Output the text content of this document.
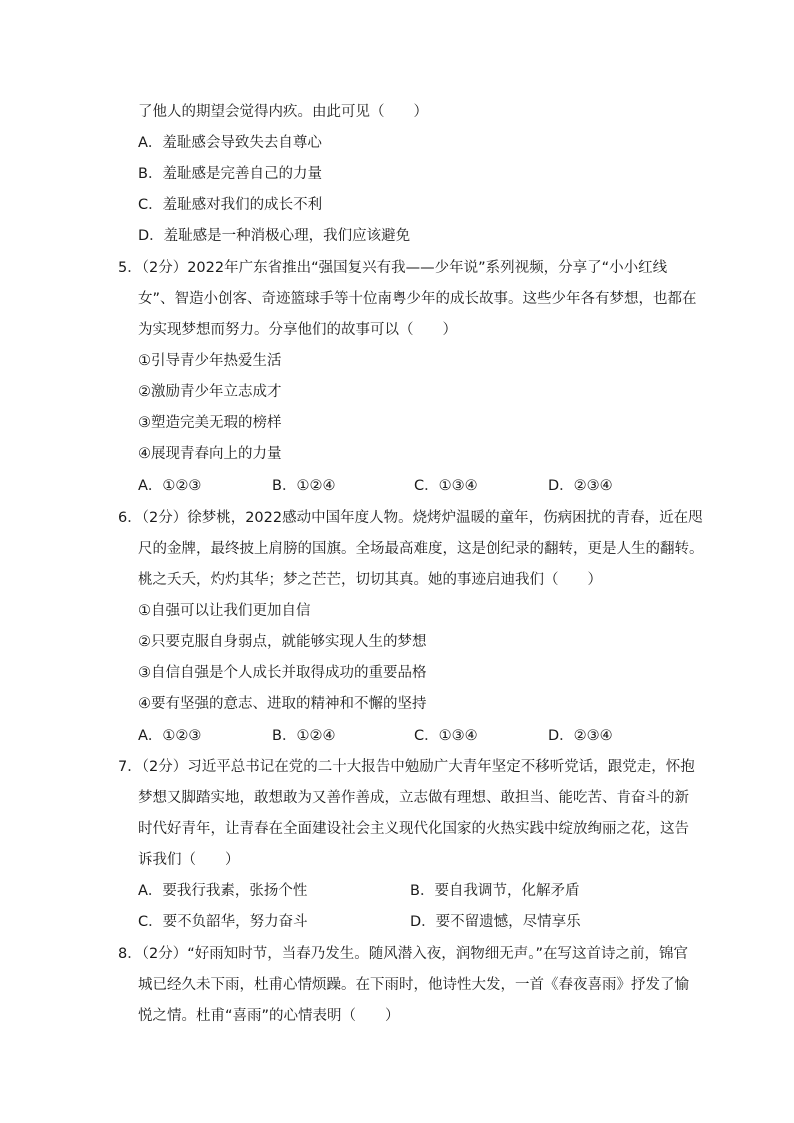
了他人的期望会觉得内疚。由此可见（　　）
A．羞耻感会导致失去自尊心
B．羞耻感是完善自己的力量
C．羞耻感对我们的成长不利
D．羞耻感是一种消极心理，我们应该避免
5．（2分）2022年广东省推出“强国复兴有我——少年说”系列视频，分享了“小小红线
女”、智造小创客、奇迹篮球手等十位南粤少年的成长故事。这些少年各有梦想，也都在
为实现梦想而努力。分享他们的故事可以（　　）
①引导青少年热爱生活
②激励青少年立志成才
③塑造完美无瑕的榜样
④展现青春向上的力量
A．①②③	B．①②④	C．①③④	D．②③④
6．（2分）徐梦桃，2022感动中国年度人物。烧烤炉温暖的童年，伤病困扰的青春，近在咫
尺的金牌，最终披上肩膀的国旗。全场最高难度，这是创纪录的翻转，更是人生的翻转。
桃之夭夭，灼灼其华；梦之芒芒，切切其真。她的事迹启迪我们（　　）
①自强可以让我们更加自信
②只要克服自身弱点，就能够实现人生的梦想
③自信自强是个人成长并取得成功的重要品格
④要有坚强的意志、进取的精神和不懈的坚持
A．①②③	B．①②④	C．①③④	D．②③④
7．（2分）习近平总书记在党的二十大报告中勉励广大青年坚定不移听党话，跟党走，怀抱
梦想又脚踏实地，敢想敢为又善作善成，立志做有理想、敢担当、能吃苦、肯奋斗的新
时代好青年，让青春在全面建设社会主义现代化国家的火热实践中绽放绚丽之花，这告
诉我们（　　）
A．要我行我素，张扬个性	B．要自我调节，化解矛盾
C．要不负韶华，努力奋斗	D．要不留遗憾，尽情享乐
8．（2分）“好雨知时节，当春乃发生。随风潜入夜，润物细无声。”在写这首诗之前，锦官
城已经久未下雨，杜甫心情烦躁。在下雨时，他诗性大发，一首《春夜喜雨》抒发了愉
悦之情。杜甫“喜雨”的心情表明（　　）
